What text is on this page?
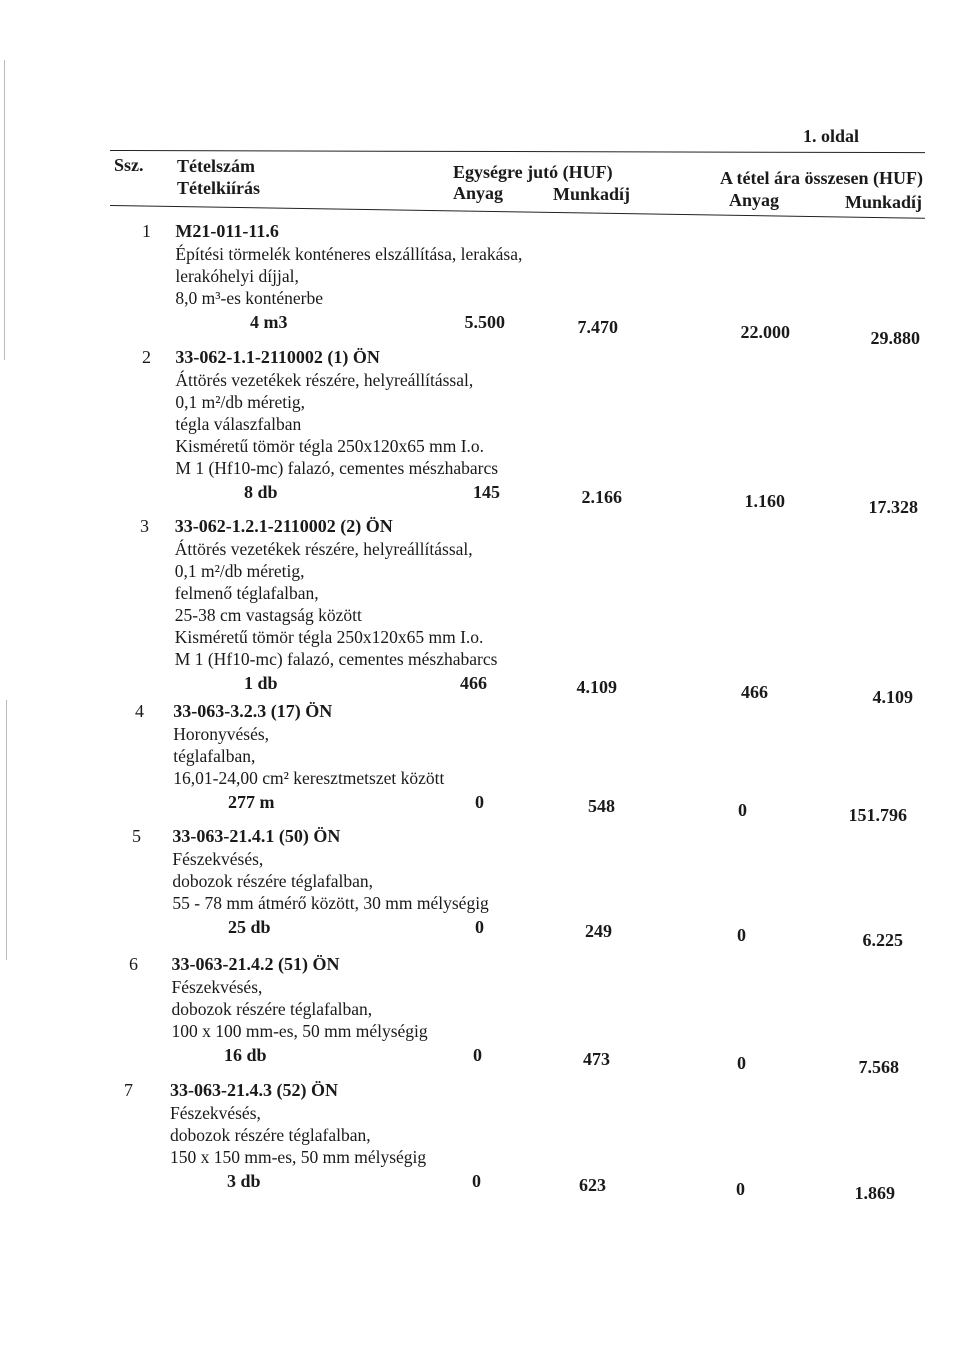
1. oldal
Ssz. Tételszám
Tételkiírás
Egységre jutó (HUF)
Anyag	Munkadíj
A tétel ára összesen (HUF)
Anyag	Munkadíj
1 M21-011-11.6
Építési törmelék konténeres elszállítása, lerakása,
lerakóhelyi díjjal,
8,0 m³-es konténerbe
4 m3	5.500	7.470	22.000	29.880
2 33-062-1.1-2110002 (1) ÖN
Áttörés vezetékek részére, helyreállítással,
0,1 m²/db méretig,
tégla válaszfalban
Kisméretű tömör tégla 250x120x65 mm I.o.
M 1 (Hf10-mc) falazó, cementes mészhabarcs
8 db	145	2.166	1.160	17.328
3 33-062-1.2.1-2110002 (2) ÖN
Áttörés vezetékek részére, helyreállítással,
0,1 m²/db méretig,
felmenő téglafalban,
25-38 cm vastagság között
Kisméretű tömör tégla 250x120x65 mm I.o.
M 1 (Hf10-mc) falazó, cementes mészhabarcs
1 db	466	4.109	466	4.109
4 33-063-3.2.3 (17) ÖN
Horonyvésés,
téglafalban,
16,01-24,00 cm² keresztmetszet között
277 m	0	548	0	151.796
5 33-063-21.4.1 (50) ÖN
Fészekvésés,
dobozok részére téglafalban,
55 - 78 mm átmérő között, 30 mm mélységig
25 db	0	249	0	6.225
6 33-063-21.4.2 (51) ÖN
Fészekvésés,
dobozok részére téglafalban,
100 x 100 mm-es, 50 mm mélységig
16 db	0	473	0	7.568
7 33-063-21.4.3 (52) ÖN
Fészekvésés,
dobozok részére téglafalban,
150 x 150 mm-es, 50 mm mélységig
3 db	0	623	0	1.869
